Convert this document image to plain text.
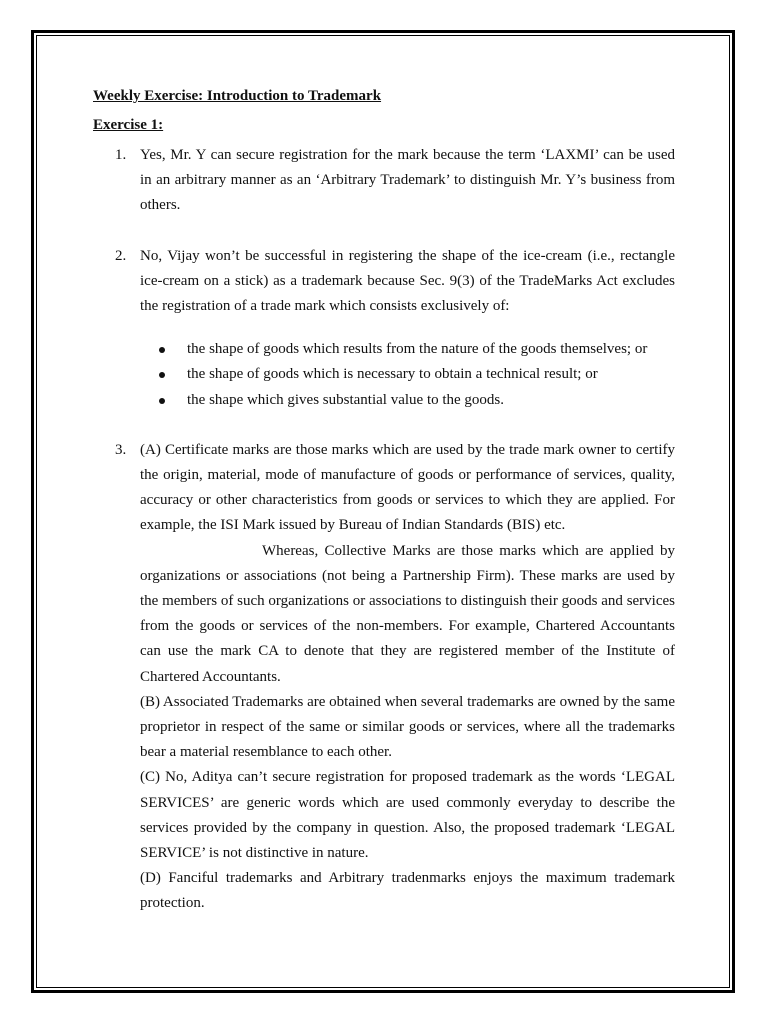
Weekly Exercise: Introduction to Trademark
Exercise 1:
1. Yes, Mr. Y can secure registration for the mark because the term ‘LAXMI’ can be used in an arbitrary manner as an ‘Arbitrary Trademark’ to distinguish Mr. Y’s business from others.

2. No, Vijay won’t be successful in registering the shape of the ice-cream (i.e., rectangle ice-cream on a stick) as a trademark because Sec. 9(3) of the TradeMarks Act excludes the registration of a trade mark which consists exclusively of:

the shape of goods which results from the nature of the goods themselves; or
the shape of goods which is necessary to obtain a technical result; or
the shape which gives substantial value to the goods.
3. (A) Certificate marks are those marks which are used by the trade mark owner to certify the origin, material, mode of manufacture of goods or performance of services, quality, accuracy or other characteristics from goods or services to which they are applied. For example, the ISI Mark issued by Bureau of Indian Standards (BIS) etc.

Whereas, Collective Marks are those marks which are applied by organizations or associations (not being a Partnership Firm). These marks are used by the members of such organizations or associations to distinguish their goods and services from the goods or services of the non-members. For example, Chartered Accountants can use the mark CA to denote that they are registered member of the Institute of Chartered Accountants.

(B) Associated Trademarks are obtained when several trademarks are owned by the same proprietor in respect of the same or similar goods or services, where all the trademarks bear a material resemblance to each other.

(C) No, Aditya can’t secure registration for proposed trademark as the words ‘LEGAL SERVICES’ are generic words which are used commonly everyday to describe the services provided by the company in question. Also, the proposed trademark ‘LEGAL SERVICE’ is not distinctive in nature.

(D) Fanciful trademarks and Arbitrary tradenmarks enjoys the maximum trademark protection.
